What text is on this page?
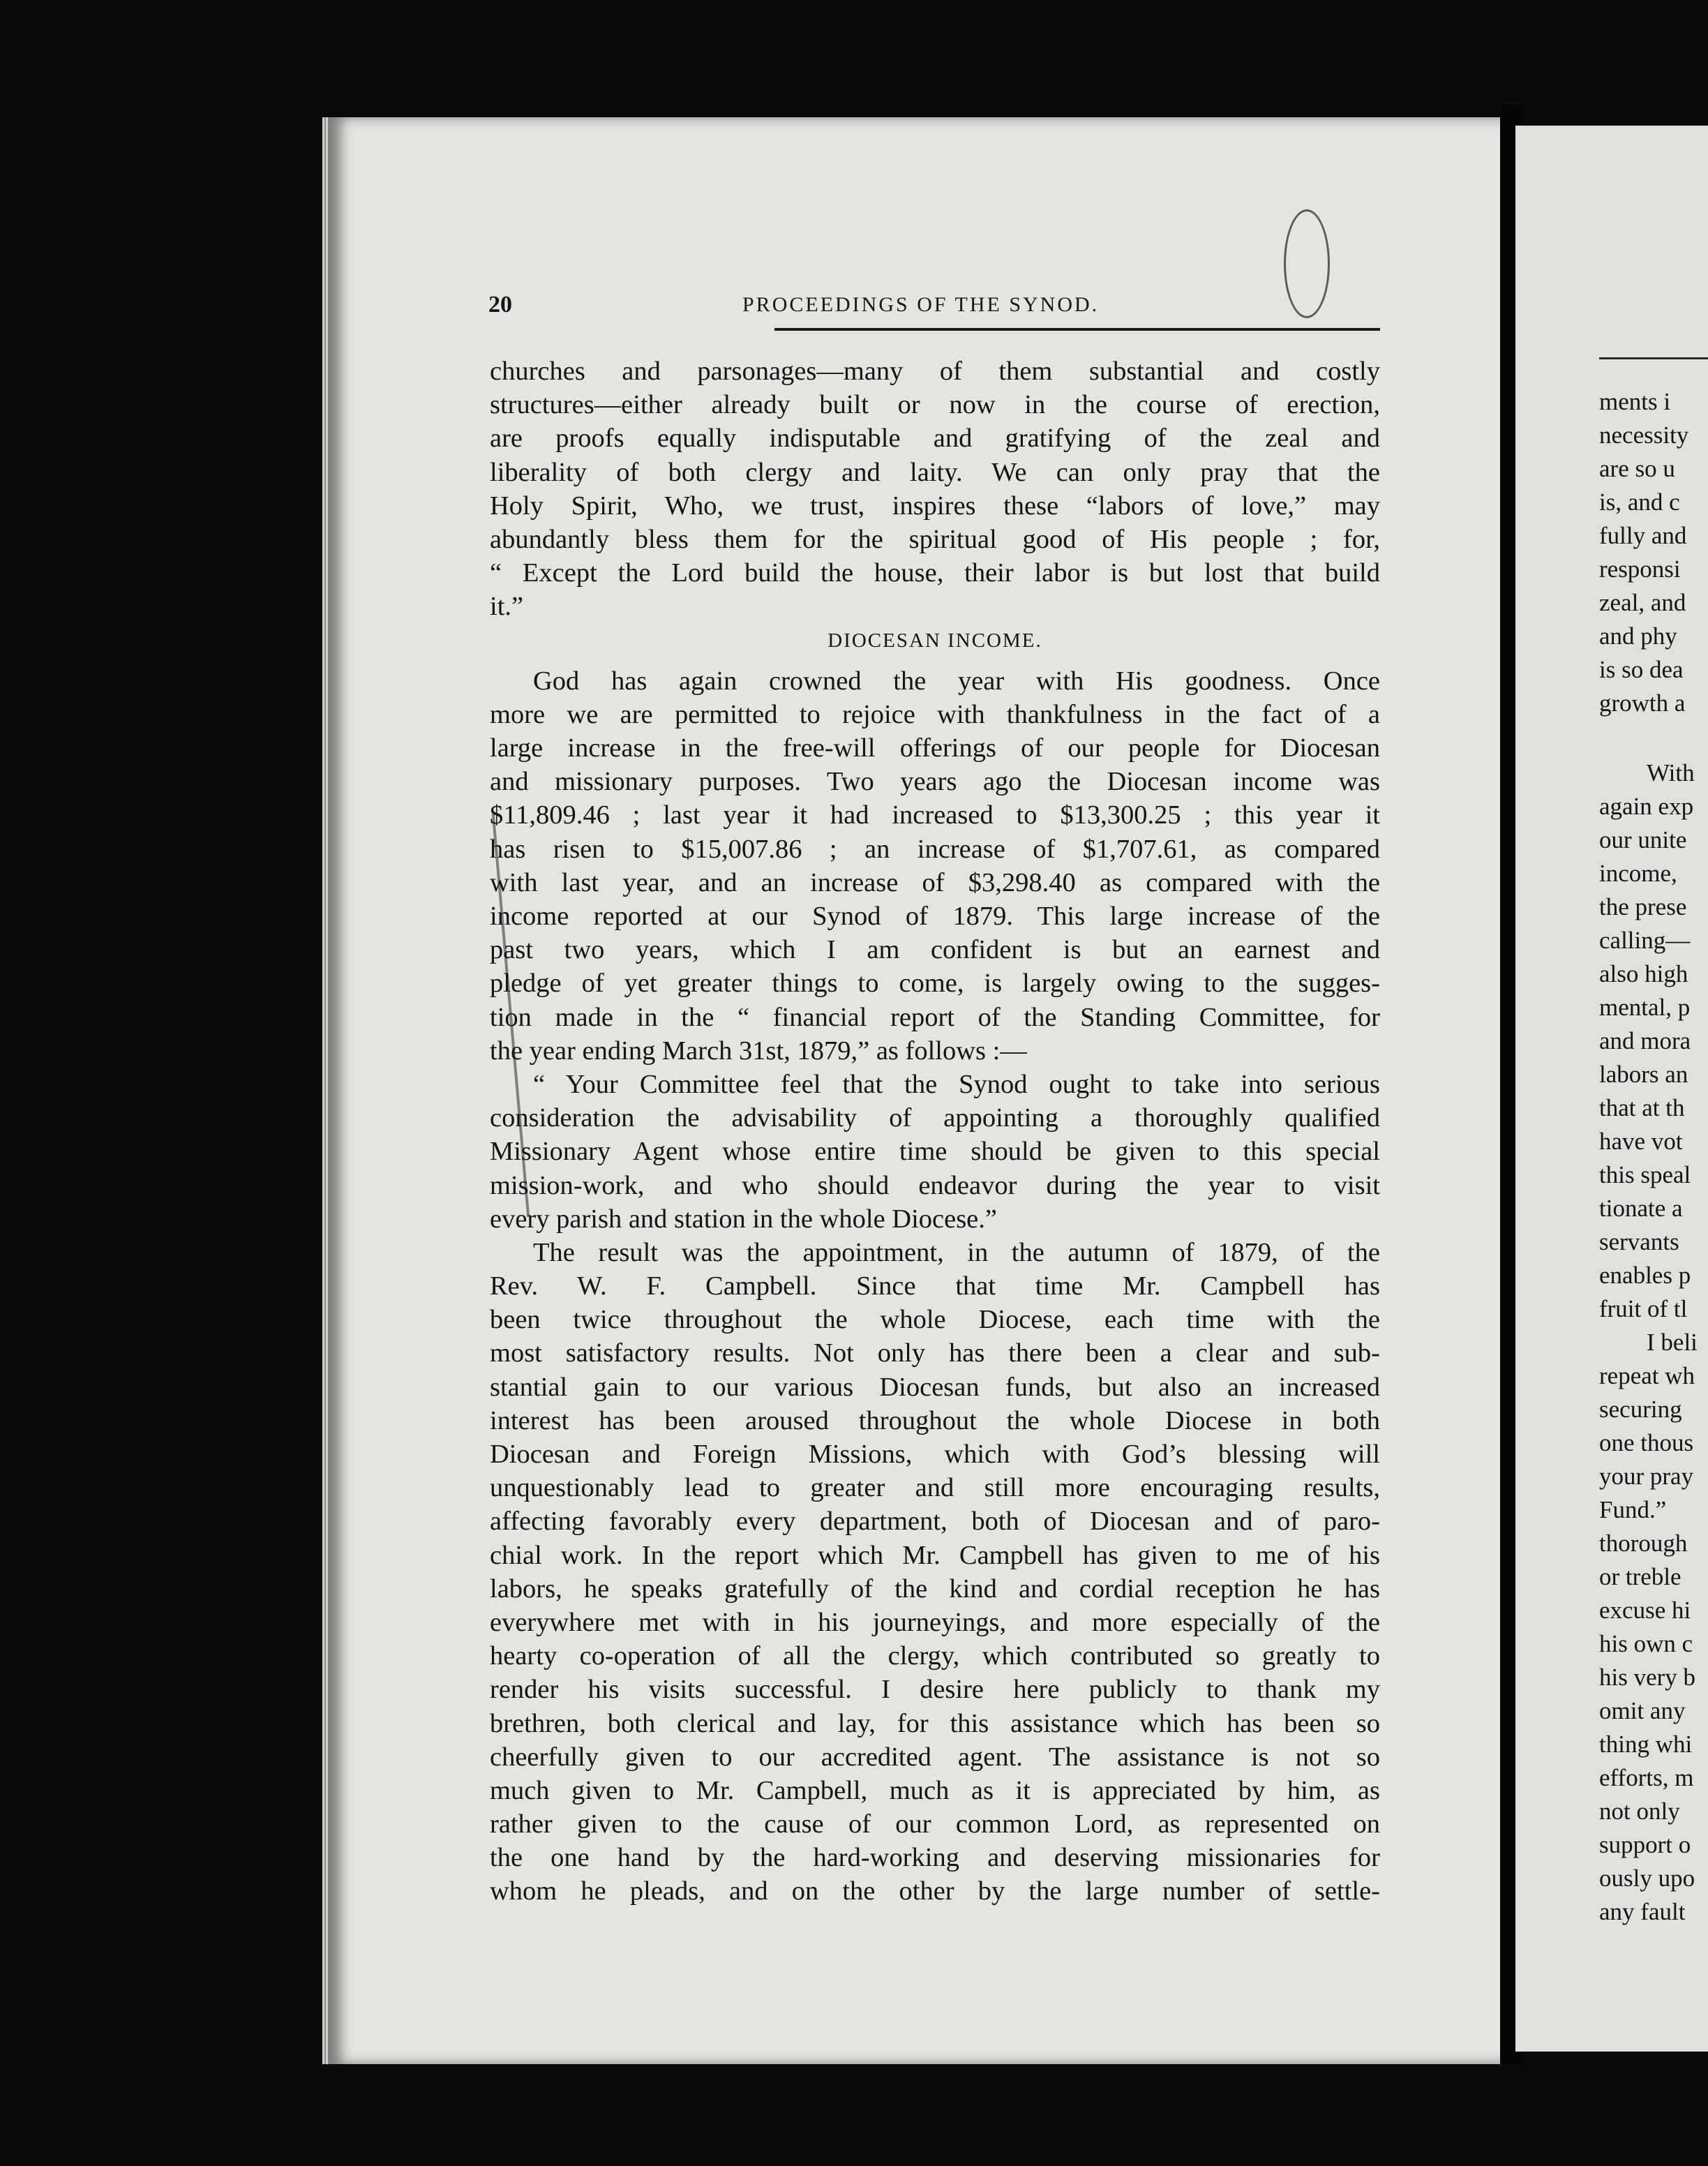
20	PROCEEDINGS OF THE SYNOD.
churches and parsonages—many of them substantial and costly
structures—either already built or now in the course of erection,
are proofs equally indisputable and gratifying of the zeal and
liberality of both clergy and laity. We can only pray that the
Holy Spirit, Who, we trust, inspires these “labors of love,” may
abundantly bless them for the spiritual good of His people ; for,
“ Except the Lord build the house, their labor is but lost that build
it.”
DIOCESAN INCOME.
God has again crowned the year with His goodness. Once
more we are permitted to rejoice with thankfulness in the fact of a
large increase in the free-will offerings of our people for Diocesan
and missionary purposes. Two years ago the Diocesan income was
$11,809.46 ; last year it had increased to $13,300.25 ; this year it
has risen to $15,007.86 ; an increase of $1,707.61, as compared
with last year, and an increase of $3,298.40 as compared with the
income reported at our Synod of 1879. This large increase of the
past two years, which I am confident is but an earnest and
pledge of yet greater things to come, is largely owing to the sugges-
tion made in the “ financial report of the Standing Committee, for
the year ending March 31st, 1879,” as follows :—
“ Your Committee feel that the Synod ought to take into serious
consideration the advisability of appointing a thoroughly qualified
Missionary Agent whose entire time should be given to this special
mission-work, and who should endeavor during the year to visit
every parish and station in the whole Diocese.”
The result was the appointment, in the autumn of 1879, of the
Rev. W. F. Campbell. Since that time Mr. Campbell has
been twice throughout the whole Diocese, each time with the
most satisfactory results. Not only has there been a clear and sub-
stantial gain to our various Diocesan funds, but also an increased
interest has been aroused throughout the whole Diocese in both
Diocesan and Foreign Missions, which with God’s blessing will
unquestionably lead to greater and still more encouraging results,
affecting favorably every department, both of Diocesan and of paro-
chial work. In the report which Mr. Campbell has given to me of his
labors, he speaks gratefully of the kind and cordial reception he has
everywhere met with in his journeyings, and more especially of the
hearty co-operation of all the clergy, which contributed so greatly to
render his visits successful. I desire here publicly to thank my
brethren, both clerical and lay, for this assistance which has been so
cheerfully given to our accredited agent. The assistance is not so
much given to Mr. Campbell, much as it is appreciated by him, as
rather given to the cause of our common Lord, as represented on
the one hand by the hard-working and deserving missionaries for
whom he pleads, and on the other by the large number of settle-
ments i
necessity
are so u
is, and c
fully and
responsi
zeal, and
and phy
is so dea
growth a
With
again exp
our unite
income,
the prese
calling—
also high
mental, p
and mora
labors an
that at th
have vot
this speal
tionate a
servants
enables p
fruit of tl
I beli
repeat wh
securing
one thous
your pray
Fund.”
thorough
or treble
excuse hi
his own c
his very b
omit any
thing whi
efforts, m
not only
support o
ously upo
any fault
